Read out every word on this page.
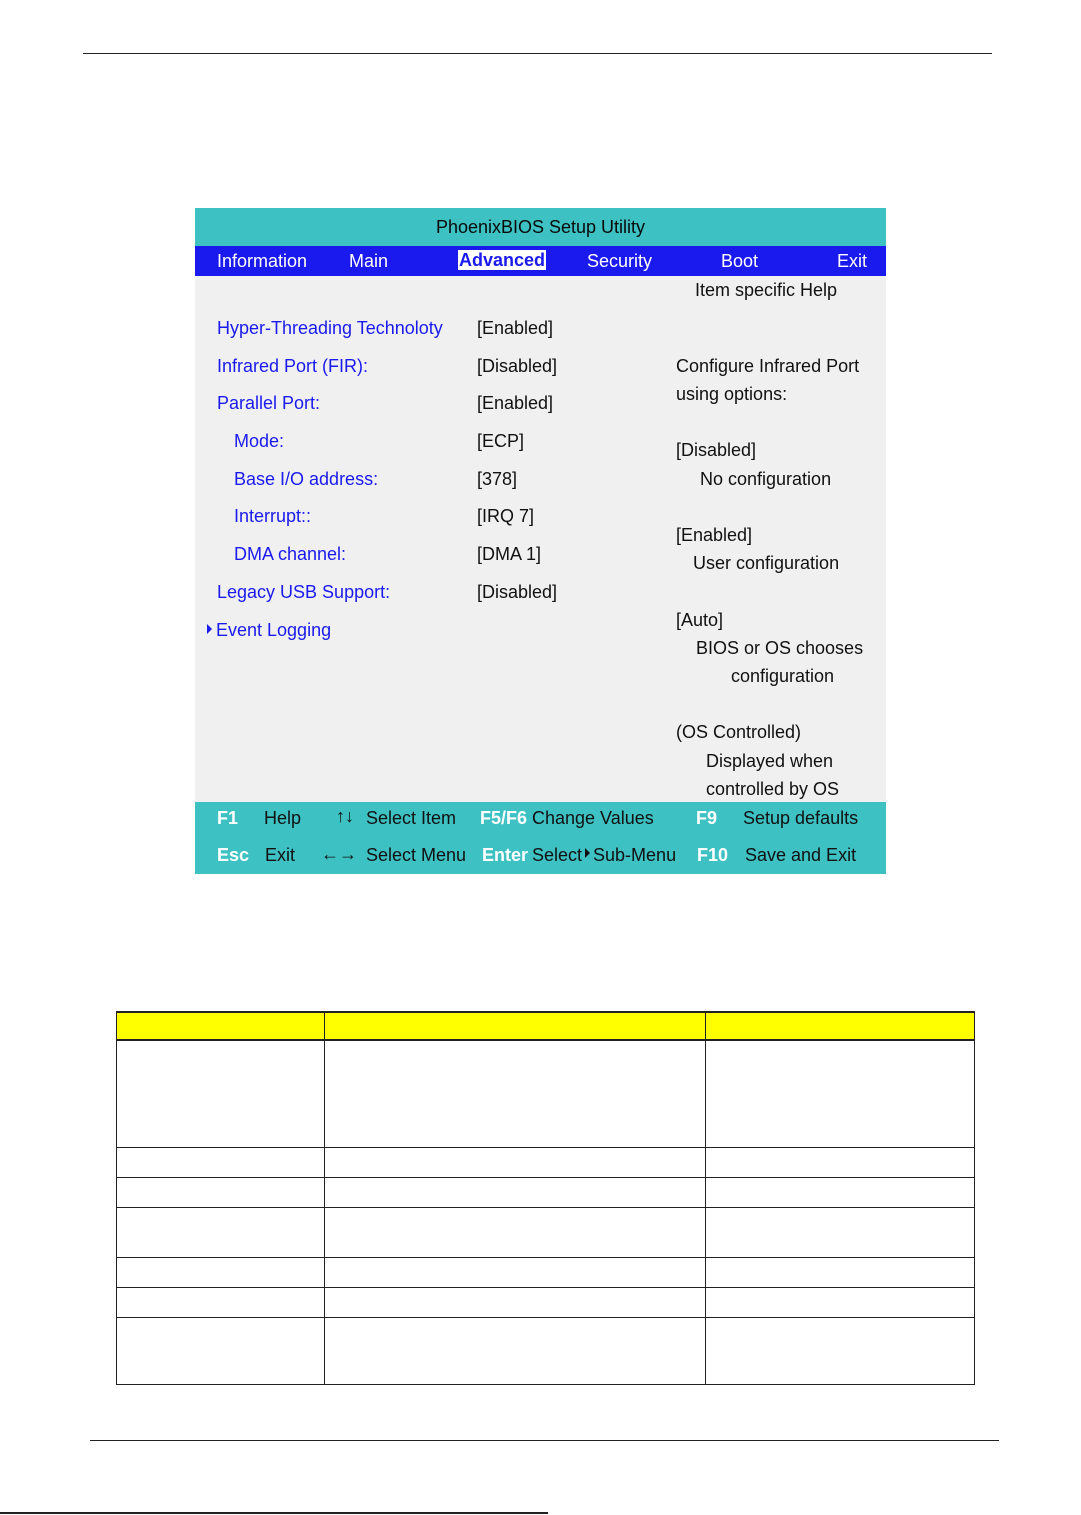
PhoenixBIOS Setup Utility
Information Main	Advanced Security	Boot	Exit
Hyper-Threading Technoloty [Enabled]
Infrared Port (FIR):	[Disabled]
Parallel Port:	[Enabled]
Mode:	[ECP]
Base I/O address:	[378]
Interrupt::	[IRQ 7]
DMA channel:	[DMA 1]
Legacy USB Support:	[Disabled]
Event Logging
Item specific Help
Configure Infrared Port
using options:
[Disabled]
No configuration
[Enabled]
User configuration
[Auto]
BIOS or OS chooses
configuration
(OS Controlled)
Displayed when
controlled by OS
F1 Help ↑↓ Select Item F5/F6 Change Values F9 Setup defaults
Esc Exit ←→ Select Menu Enter Select Sub-Menu F10 Save and Exit
